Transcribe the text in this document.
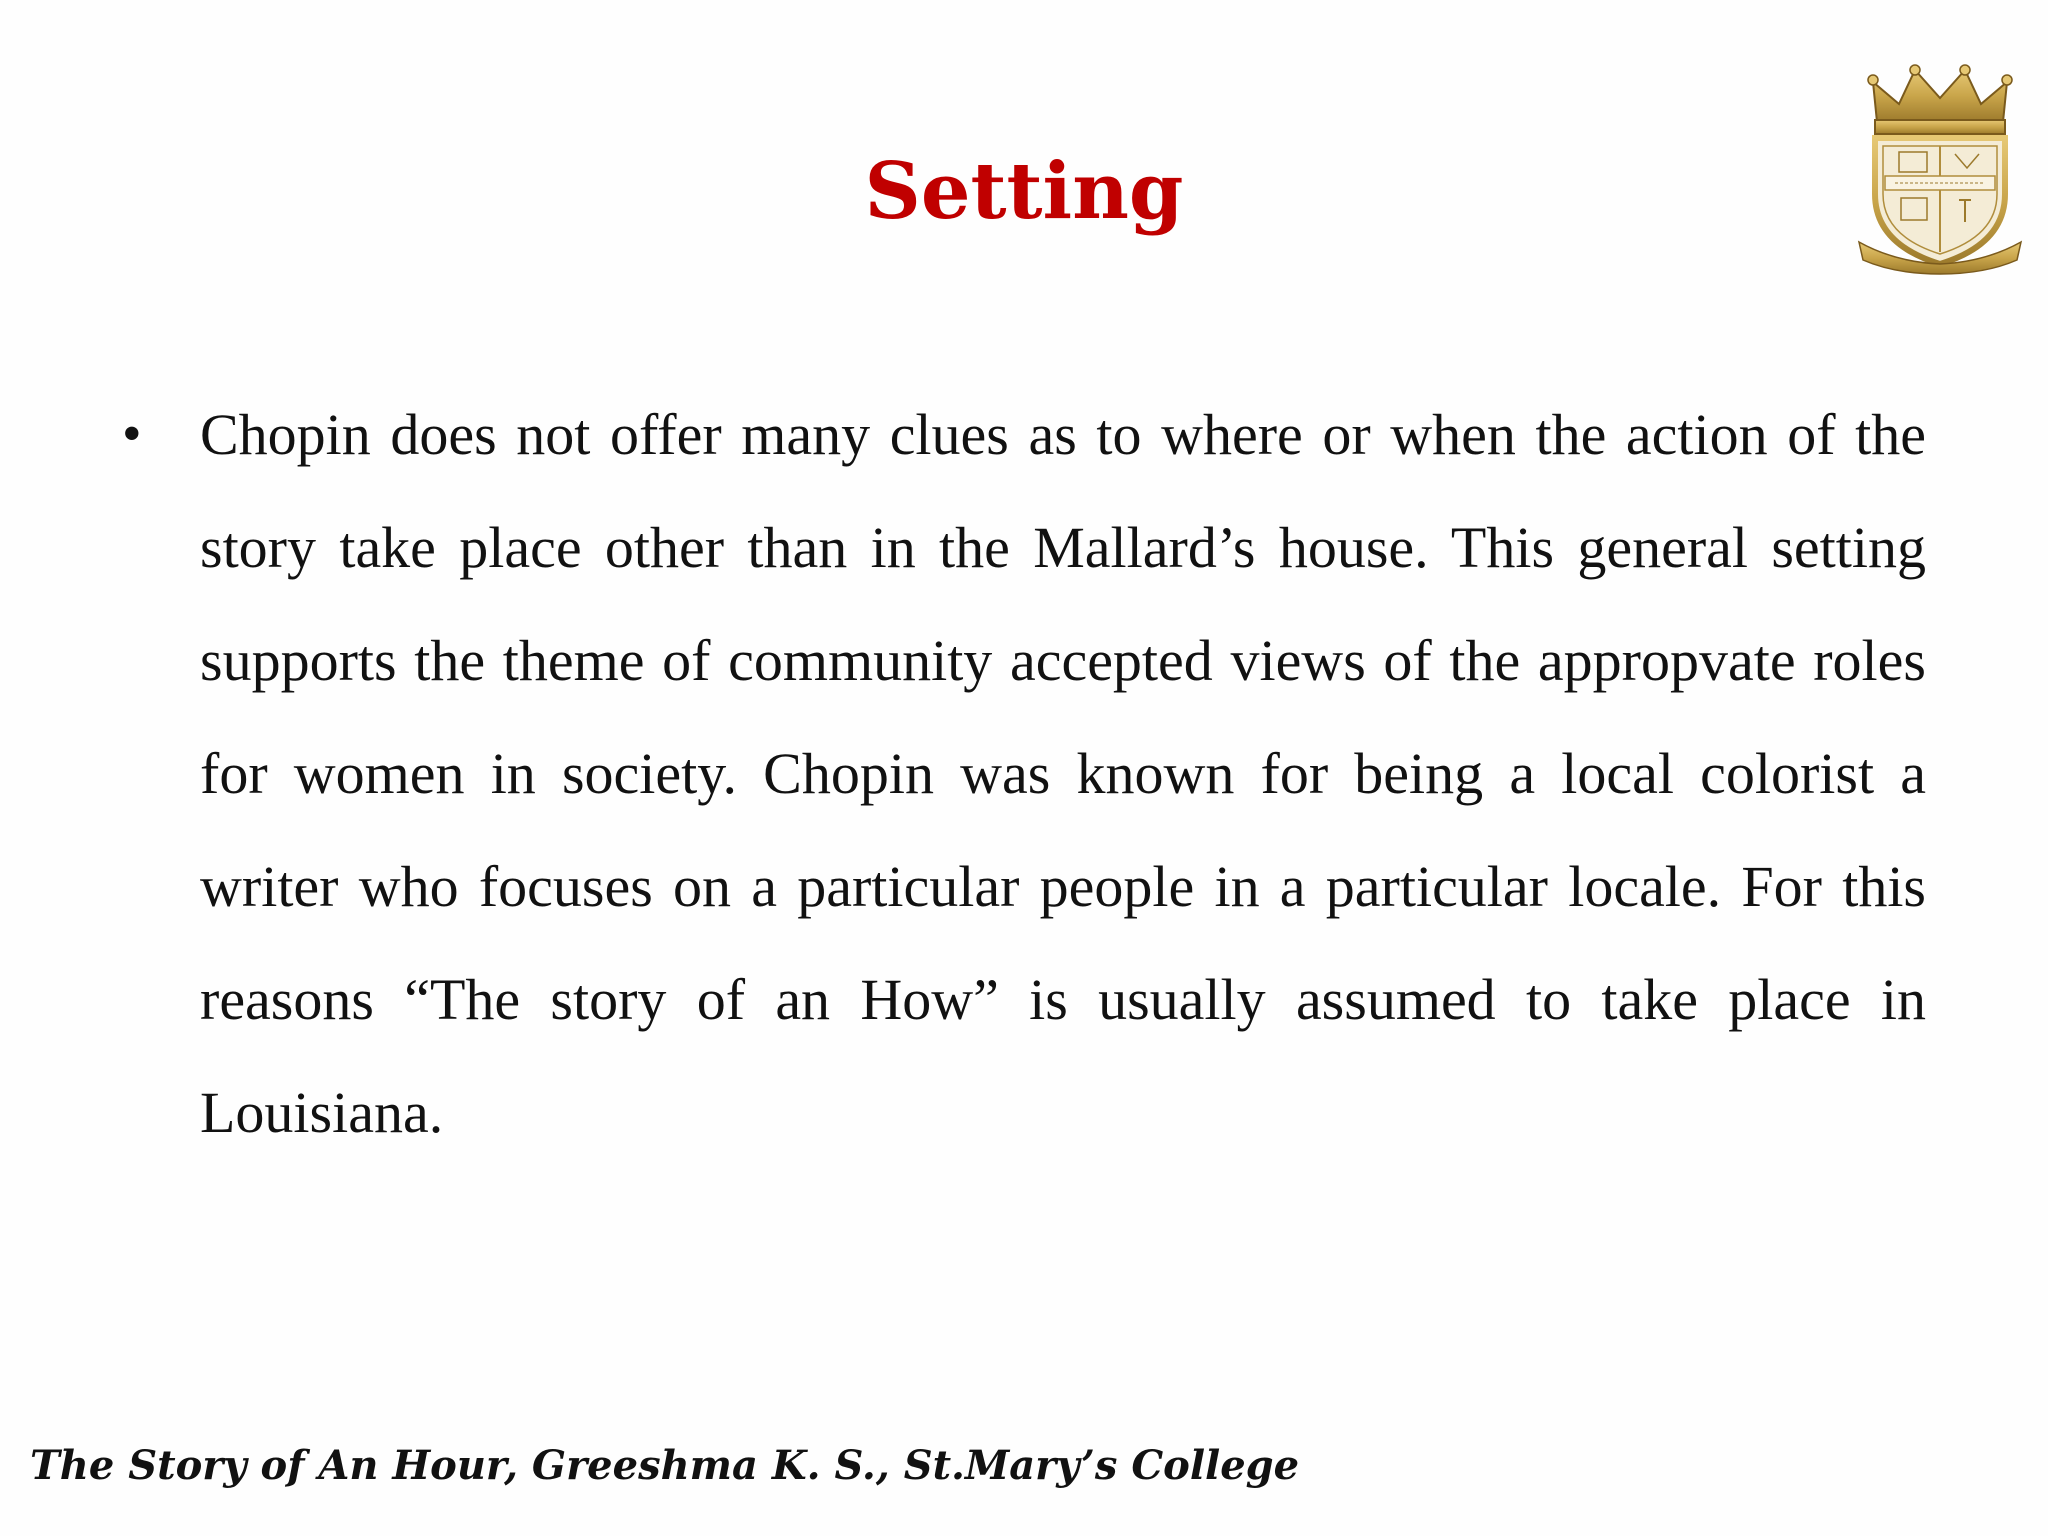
Setting
• Chopin does not offer many clues as to where or when the action of the story take place other than in the Mallard’s house. This general setting supports the theme of community accepted views of the appropvate roles for women in society. Chopin was known for being a local colorist a writer who focuses on a particular people in a particular locale. For this reasons “The story of an How” is usually assumed to take place in Louisiana.
The Story of An Hour, Greeshma K. S., St.Mary’s College
